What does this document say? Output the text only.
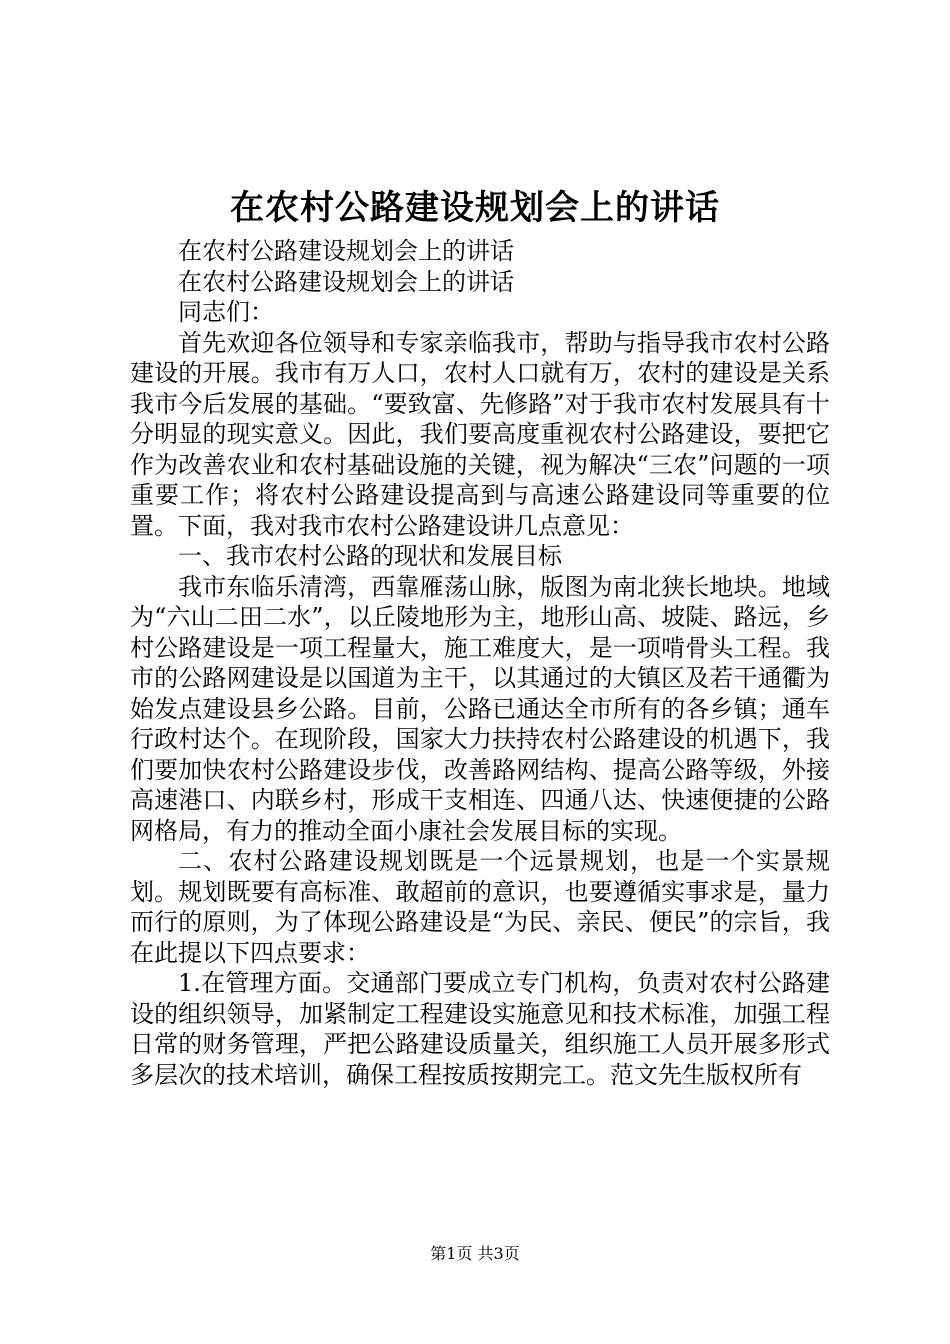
在农村公路建设规划会上的讲话
在农村公路建设规划会上的讲话
在农村公路建设规划会上的讲话
同志们：
首先欢迎各位领导和专家亲临我市，帮助与指导我市农村公路建设的开展。我市有万人口，农村人口就有万，农村的建设是关系我市今后发展的基础。“要致富、先修路”对于我市农村发展具有十分明显的现实意义。因此，我们要高度重视农村公路建设，要把它作为改善农业和农村基础设施的关键，视为解决“三农”问题的一项重要工作；将农村公路建设提高到与高速公路建设同等重要的位置。下面，我对我市农村公路建设讲几点意见：
一、我市农村公路的现状和发展目标
我市东临乐清湾，西靠雁荡山脉，版图为南北狭长地块。地域为“六山二田二水”，以丘陵地形为主，地形山高、坡陡、路远，乡村公路建设是一项工程量大，施工难度大，是一项啃骨头工程。我市的公路网建设是以国道为主干，以其通过的大镇区及若干通衢为始发点建设县乡公路。目前，公路已通达全市所有的各乡镇；通车行政村达个。在现阶段，国家大力扶持农村公路建设的机遇下，我们要加快农村公路建设步伐，改善路网结构、提高公路等级，外接高速港口、内联乡村，形成干支相连、四通八达、快速便捷的公路网格局，有力的推动全面小康社会发展目标的实现。
二、农村公路建设规划既是一个远景规划，也是一个实景规划。规划既要有高标准、敢超前的意识，也要遵循实事求是，量力而行的原则，为了体现公路建设是“为民、亲民、便民”的宗旨，我在此提以下四点要求：
1.在管理方面。交通部门要成立专门机构，负责对农村公路建设的组织领导，加紧制定工程建设实施意见和技术标准，加强工程日常的财务管理，严把公路建设质量关，组织施工人员开展多形式多层次的技术培训，确保工程按质按期完工。范文先生版权所有
第1页 共3页
